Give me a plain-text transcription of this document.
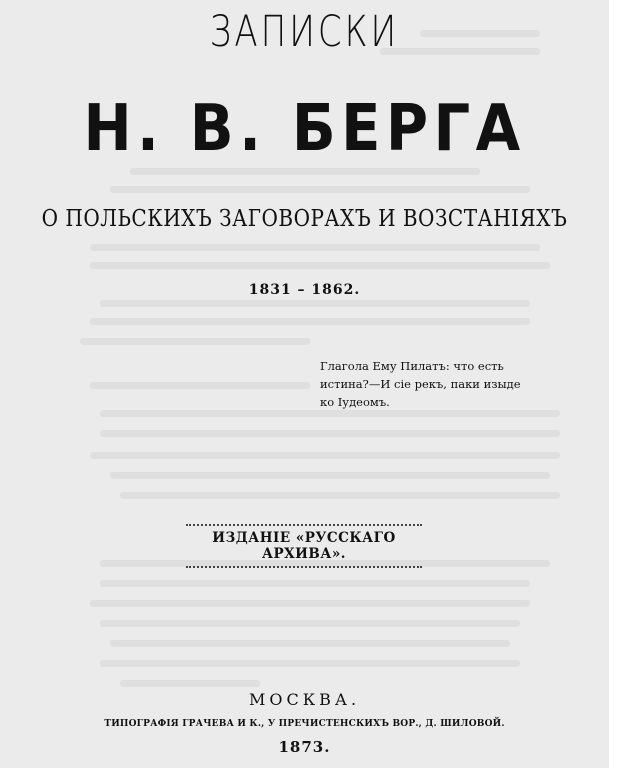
ЗАПИСКИ
Н. В. БЕРГА
О ПОЛЬСКИХЪ ЗАГОВОРАХЪ И ВОЗСТАНІЯХЪ
1831 – 1862.
Глагола Ему Пилатъ: что есть
истина?—И сіе рекъ, паки изыде
ко Іудеомъ.
ИЗДАНІЕ «РУССКАГО АРХИВА».
МОСКВА.
ТИПОГРАФІЯ ГРАЧЕВА И К., У ПРЕЧИСТЕНСКИХЪ ВОР., Д. ШИЛОВОЙ.
1873.
